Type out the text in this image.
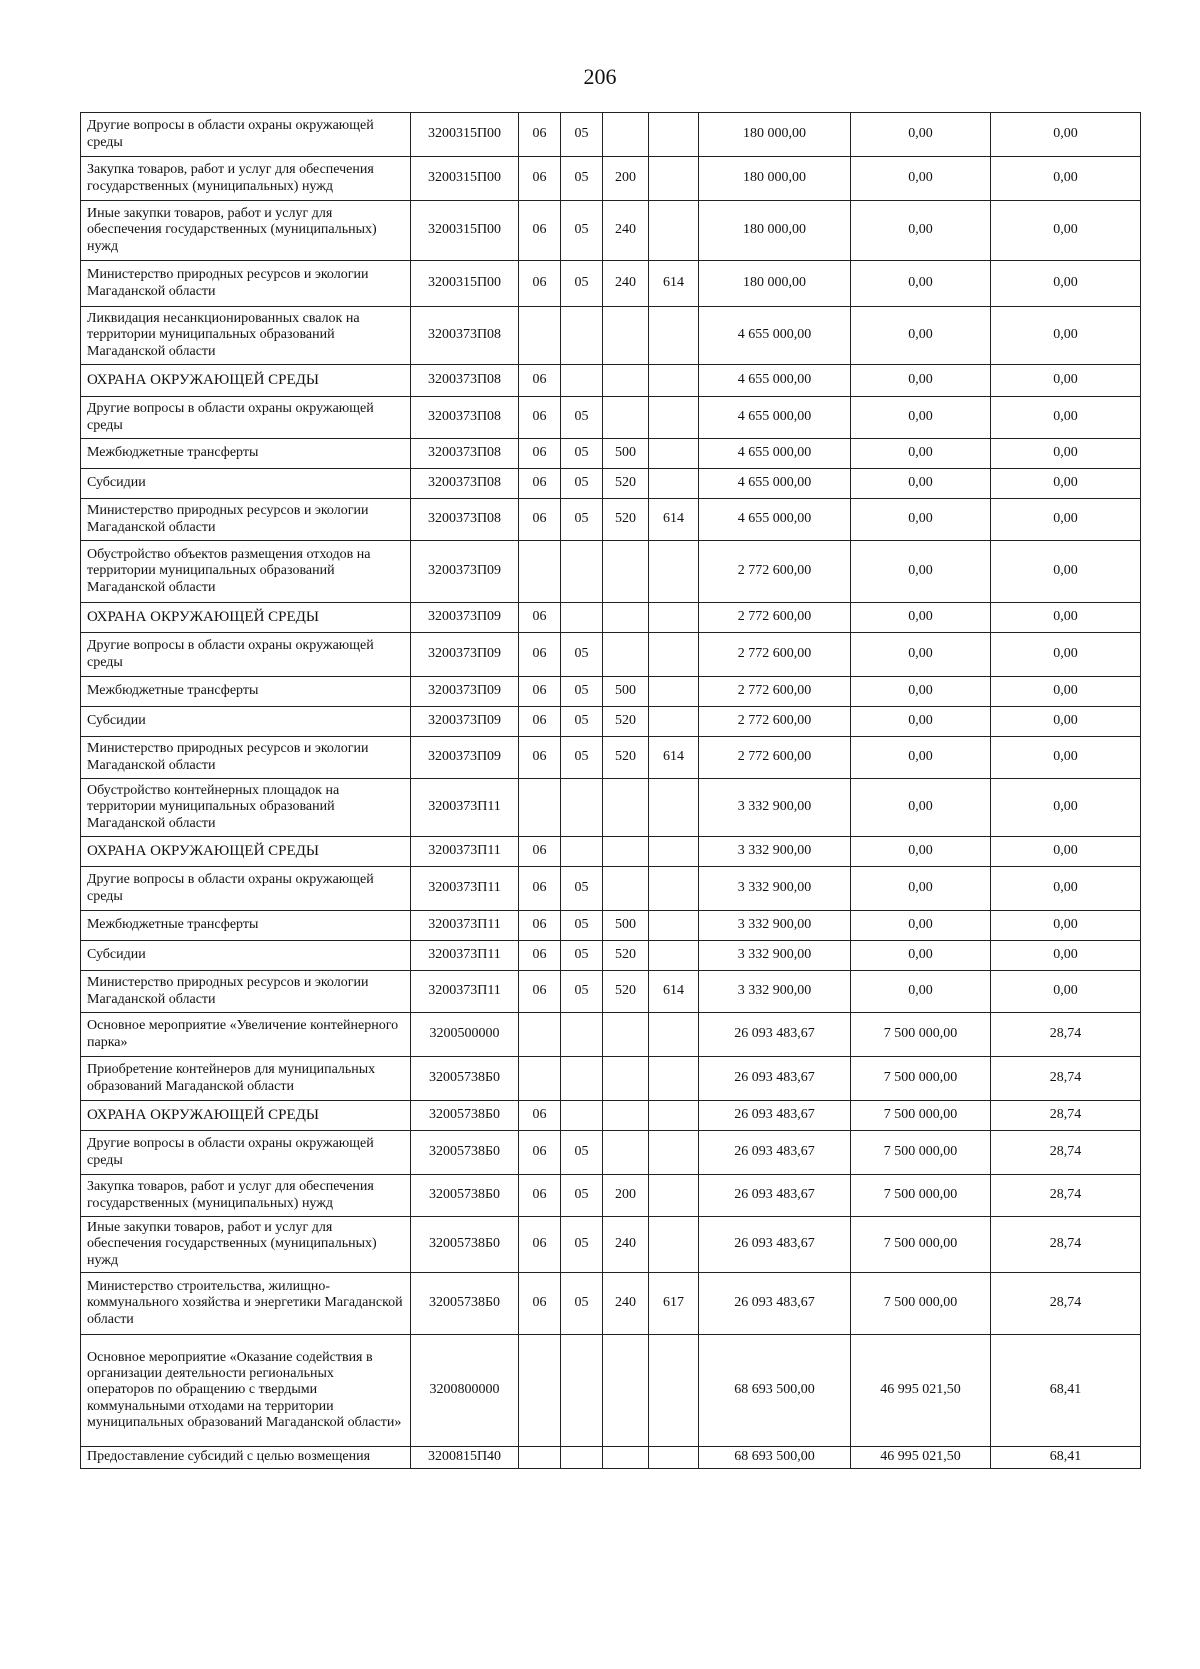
206
Другие вопросы в области охраны окружающей среды	3200315П00	06	05			180 000,00	0,00	0,00
Закупка товаров, работ и услуг для обеспечения государственных (муниципальных) нужд	3200315П00	06	05	200		180 000,00	0,00	0,00
Иные закупки товаров, работ и услуг для обеспечения государственных (муниципальных) нужд	3200315П00	06	05	240		180 000,00	0,00	0,00
Министерство природных ресурсов и экологии Магаданской области	3200315П00	06	05	240	614	180 000,00	0,00	0,00
Ликвидация несанкционированных свалок на территории муниципальных образований Магаданской области	3200373П08					4 655 000,00	0,00	0,00
ОХРАНА ОКРУЖАЮЩЕЙ СРЕДЫ	3200373П08	06				4 655 000,00	0,00	0,00
Другие вопросы в области охраны окружающей среды	3200373П08	06	05			4 655 000,00	0,00	0,00
Межбюджетные трансферты	3200373П08	06	05	500		4 655 000,00	0,00	0,00
Субсидии	3200373П08	06	05	520		4 655 000,00	0,00	0,00
Министерство природных ресурсов и экологии Магаданской области	3200373П08	06	05	520	614	4 655 000,00	0,00	0,00
Обустройство объектов размещения отходов на территории муниципальных образований Магаданской области	3200373П09					2 772 600,00	0,00	0,00
ОХРАНА ОКРУЖАЮЩЕЙ СРЕДЫ	3200373П09	06				2 772 600,00	0,00	0,00
Другие вопросы в области охраны окружающей среды	3200373П09	06	05			2 772 600,00	0,00	0,00
Межбюджетные трансферты	3200373П09	06	05	500		2 772 600,00	0,00	0,00
Субсидии	3200373П09	06	05	520		2 772 600,00	0,00	0,00
Министерство природных ресурсов и экологии Магаданской области	3200373П09	06	05	520	614	2 772 600,00	0,00	0,00
Обустройство контейнерных площадок на территории муниципальных образований Магаданской области	3200373П11					3 332 900,00	0,00	0,00
ОХРАНА ОКРУЖАЮЩЕЙ СРЕДЫ	3200373П11	06				3 332 900,00	0,00	0,00
Другие вопросы в области охраны окружающей среды	3200373П11	06	05			3 332 900,00	0,00	0,00
Межбюджетные трансферты	3200373П11	06	05	500		3 332 900,00	0,00	0,00
Субсидии	3200373П11	06	05	520		3 332 900,00	0,00	0,00
Министерство природных ресурсов и экологии Магаданской области	3200373П11	06	05	520	614	3 332 900,00	0,00	0,00
Основное мероприятие «Увеличение контейнерного парка»	3200500000					26 093 483,67	7 500 000,00	28,74
Приобретение контейнеров для муниципальных образований Магаданской области	32005738Б0					26 093 483,67	7 500 000,00	28,74
ОХРАНА ОКРУЖАЮЩЕЙ СРЕДЫ	32005738Б0	06				26 093 483,67	7 500 000,00	28,74
Другие вопросы в области охраны окружающей среды	32005738Б0	06	05			26 093 483,67	7 500 000,00	28,74
Закупка товаров, работ и услуг для обеспечения государственных (муниципальных) нужд	32005738Б0	06	05	200		26 093 483,67	7 500 000,00	28,74
Иные закупки товаров, работ и услуг для обеспечения государственных (муниципальных) нужд	32005738Б0	06	05	240		26 093 483,67	7 500 000,00	28,74
Министерство строительства, жилищно-коммунального хозяйства и энергетики Магаданской области	32005738Б0	06	05	240	617	26 093 483,67	7 500 000,00	28,74
Основное мероприятие «Оказание содействия в организации деятельности региональных операторов по обращению с твердыми коммунальными отходами на территории муниципальных образований Магаданской области»	3200800000					68 693 500,00	46 995 021,50	68,41
Предоставление субсидий с целью возмещения	3200815П40					68 693 500,00	46 995 021,50	68,41
